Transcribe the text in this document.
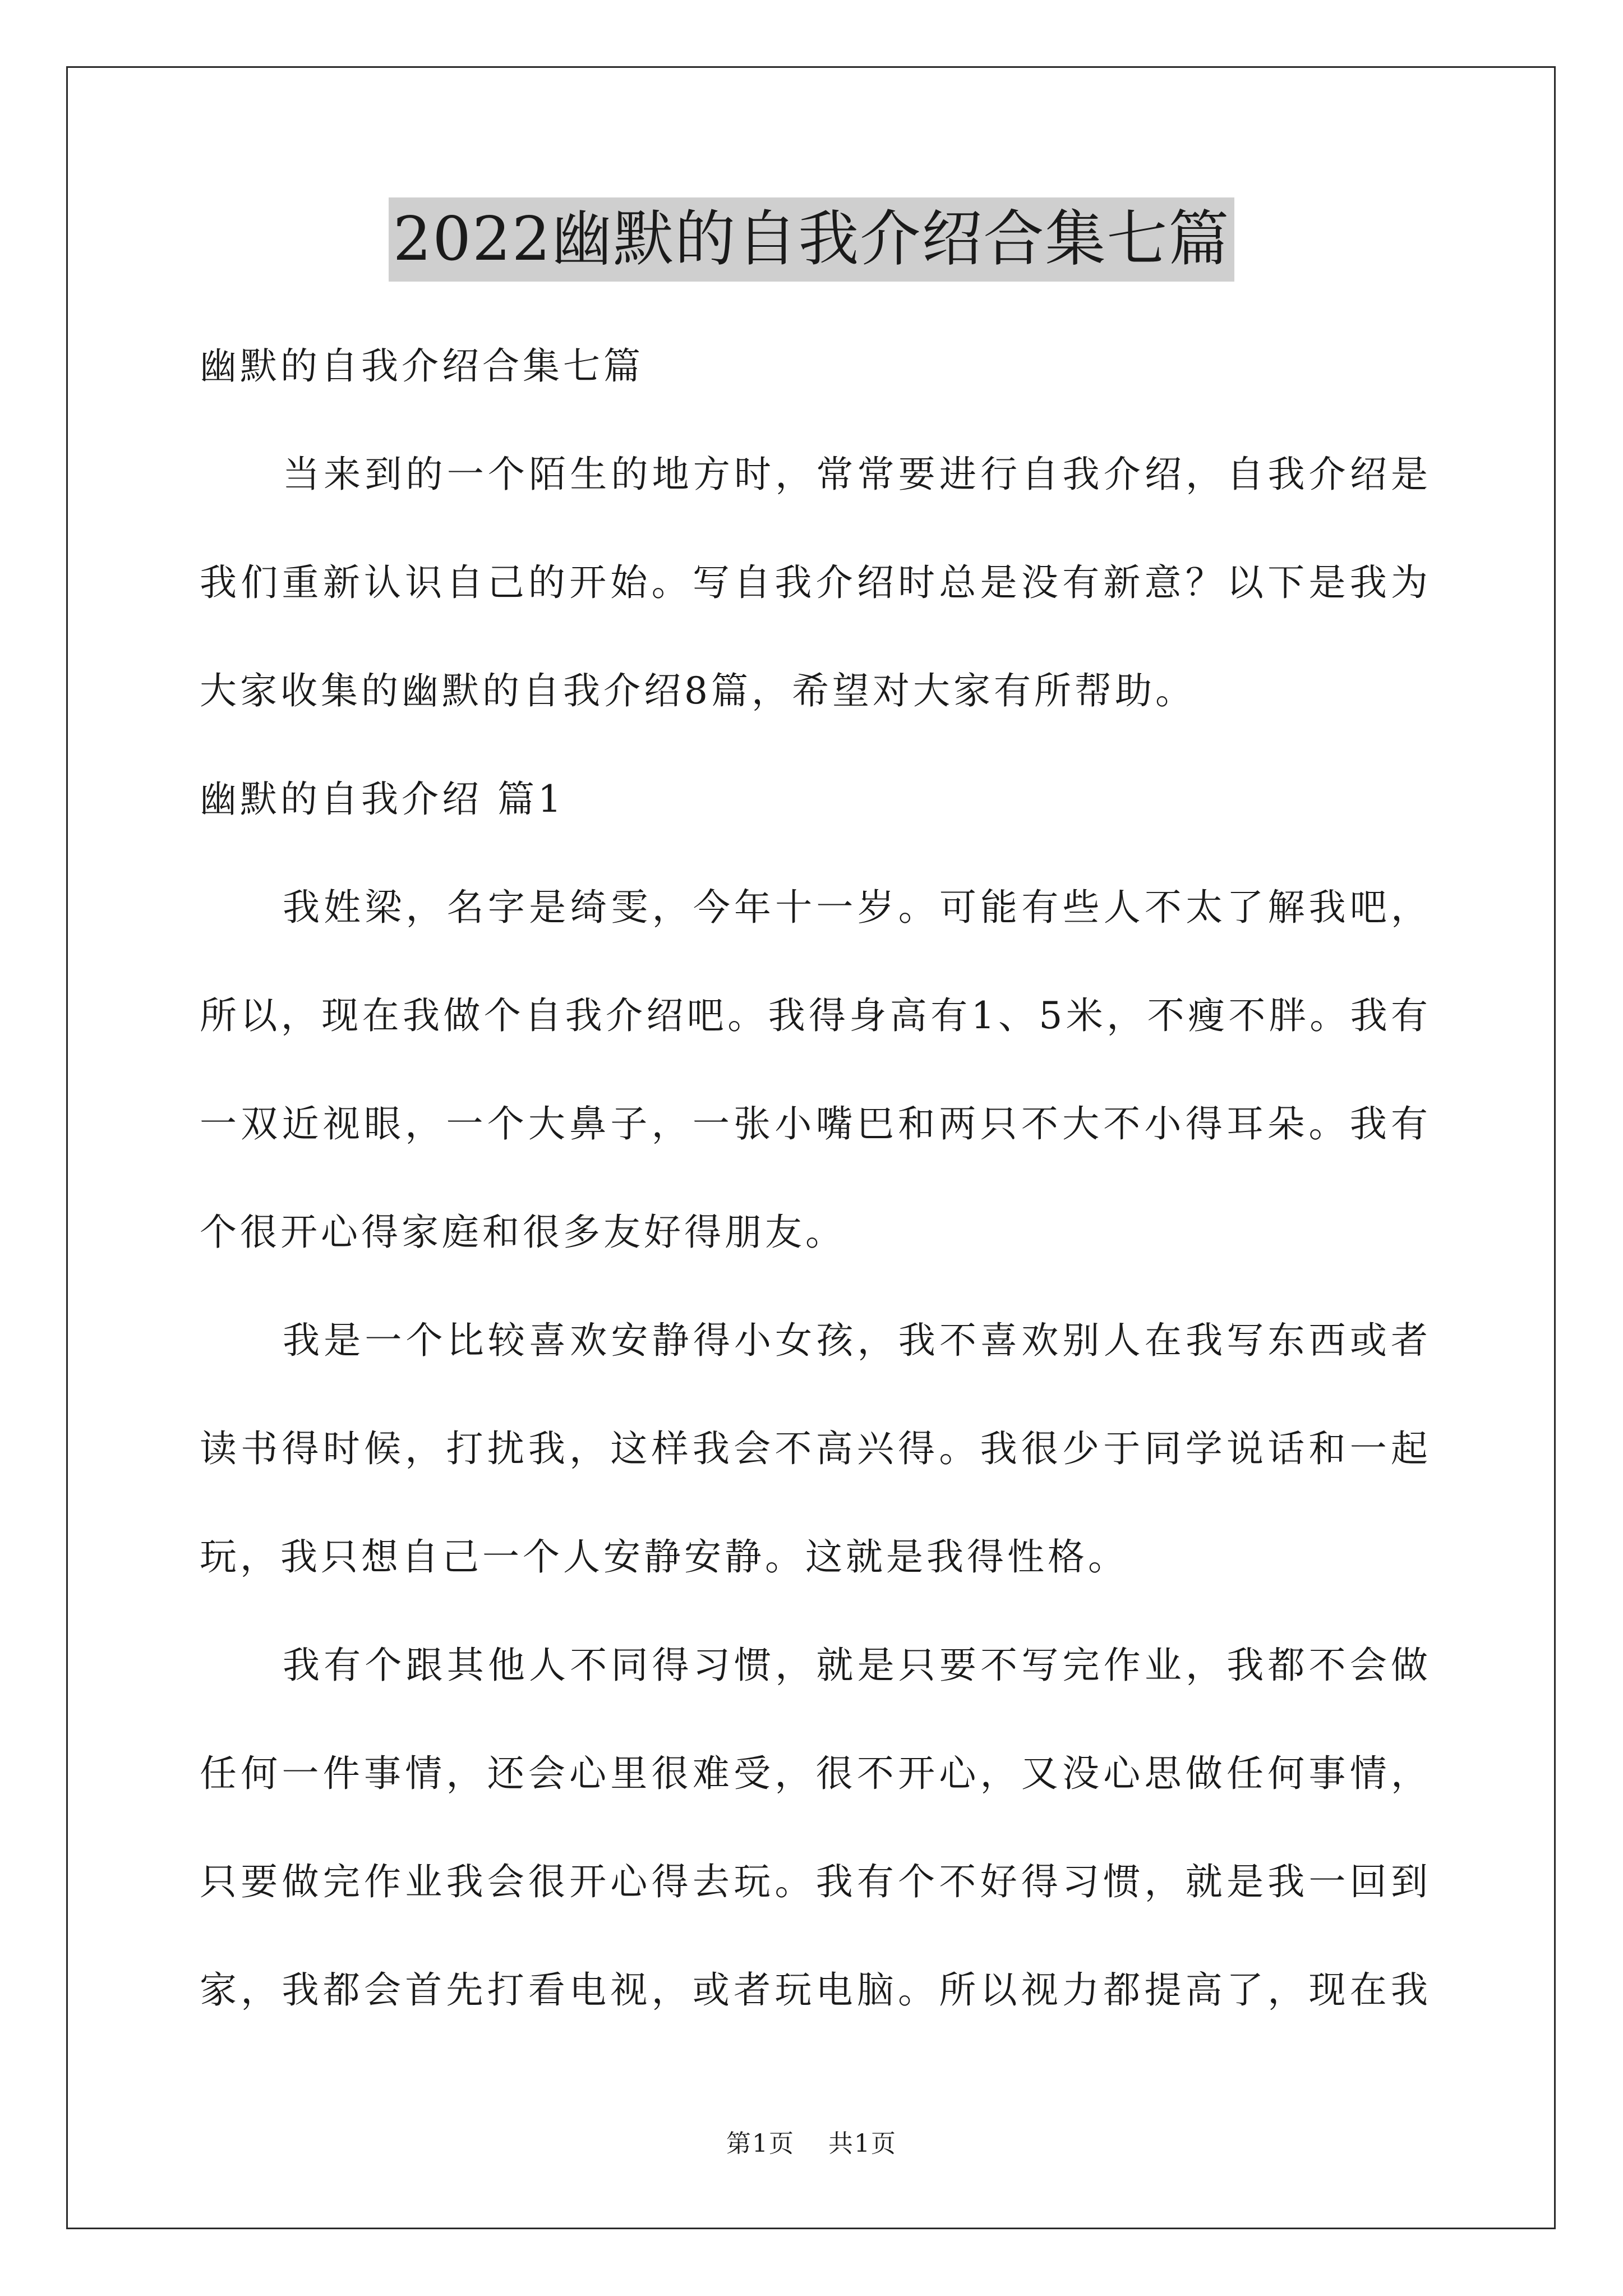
2022幽默的自我介绍合集七篇
幽默的自我介绍合集七篇
当来到的一个陌生的地方时，常常要进行自我介绍，自我介绍是
我们重新认识自己的开始。写自我介绍时总是没有新意？以下是我为
大家收集的幽默的自我介绍8篇，希望对大家有所帮助。
幽默的自我介绍 篇1
我姓梁，名字是绮雯，今年十一岁。可能有些人不太了解我吧，
所以，现在我做个自我介绍吧。我得身高有1、5米，不瘦不胖。我有
一双近视眼，一个大鼻子，一张小嘴巴和两只不大不小得耳朵。我有
个很开心得家庭和很多友好得朋友。
我是一个比较喜欢安静得小女孩，我不喜欢别人在我写东西或者
读书得时候，打扰我，这样我会不高兴得。我很少于同学说话和一起
玩，我只想自己一个人安静安静。这就是我得性格。
我有个跟其他人不同得习惯，就是只要不写完作业，我都不会做
任何一件事情，还会心里很难受，很不开心，又没心思做任何事情，
只要做完作业我会很开心得去玩。我有个不好得习惯，就是我一回到
家，我都会首先打看电视，或者玩电脑。所以视力都提高了，现在我
第1页 共1页
